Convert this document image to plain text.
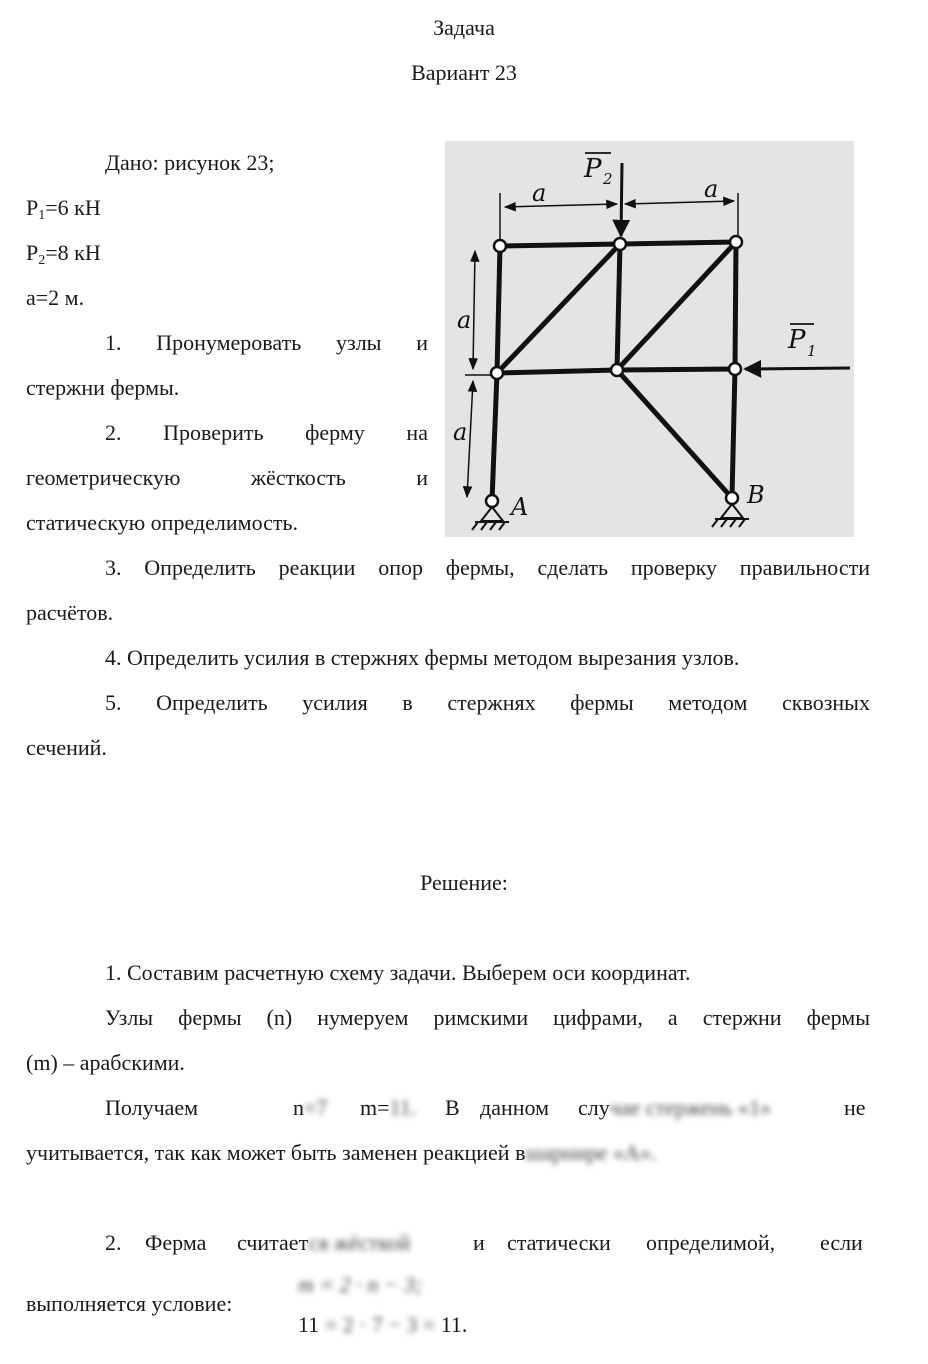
Задача
Вариант 23
Дано: рисунок 23;
$P_1=6$ кН
$P_2=8$ кН
a=2 м.
1. Пронумеровать узлы и
стержни фермы.
2. Проверить ферму на
геометрическую	жёсткость	и
статическую определимость.
P 2
P 1
a	a
a
a
A	B
3. Определить реакции опор фермы, сделать проверку правильности
расчётов.
4. Определить усилия в стержнях фермы методом вырезания узлов.
5. Определить усилия в стержнях фермы методом сквозных
сечений.
Решение:
1. Составим расчетную схему задачи. Выберем оси координат.
Узлы фермы (n) нумеруем римскими цифрами, а стержни фермы
(m) – арабскими.
Получаем	n=7 m=11. В данном случае стержень «1»	не
учитывается, так как может быть заменен реакцией вшарнире «А».
2. Ферма считается жёсткой	и статически определимой, если
выполняется условие:
m = 2 · n − 3;
11 = 2 · 7 − 3 = 11.
